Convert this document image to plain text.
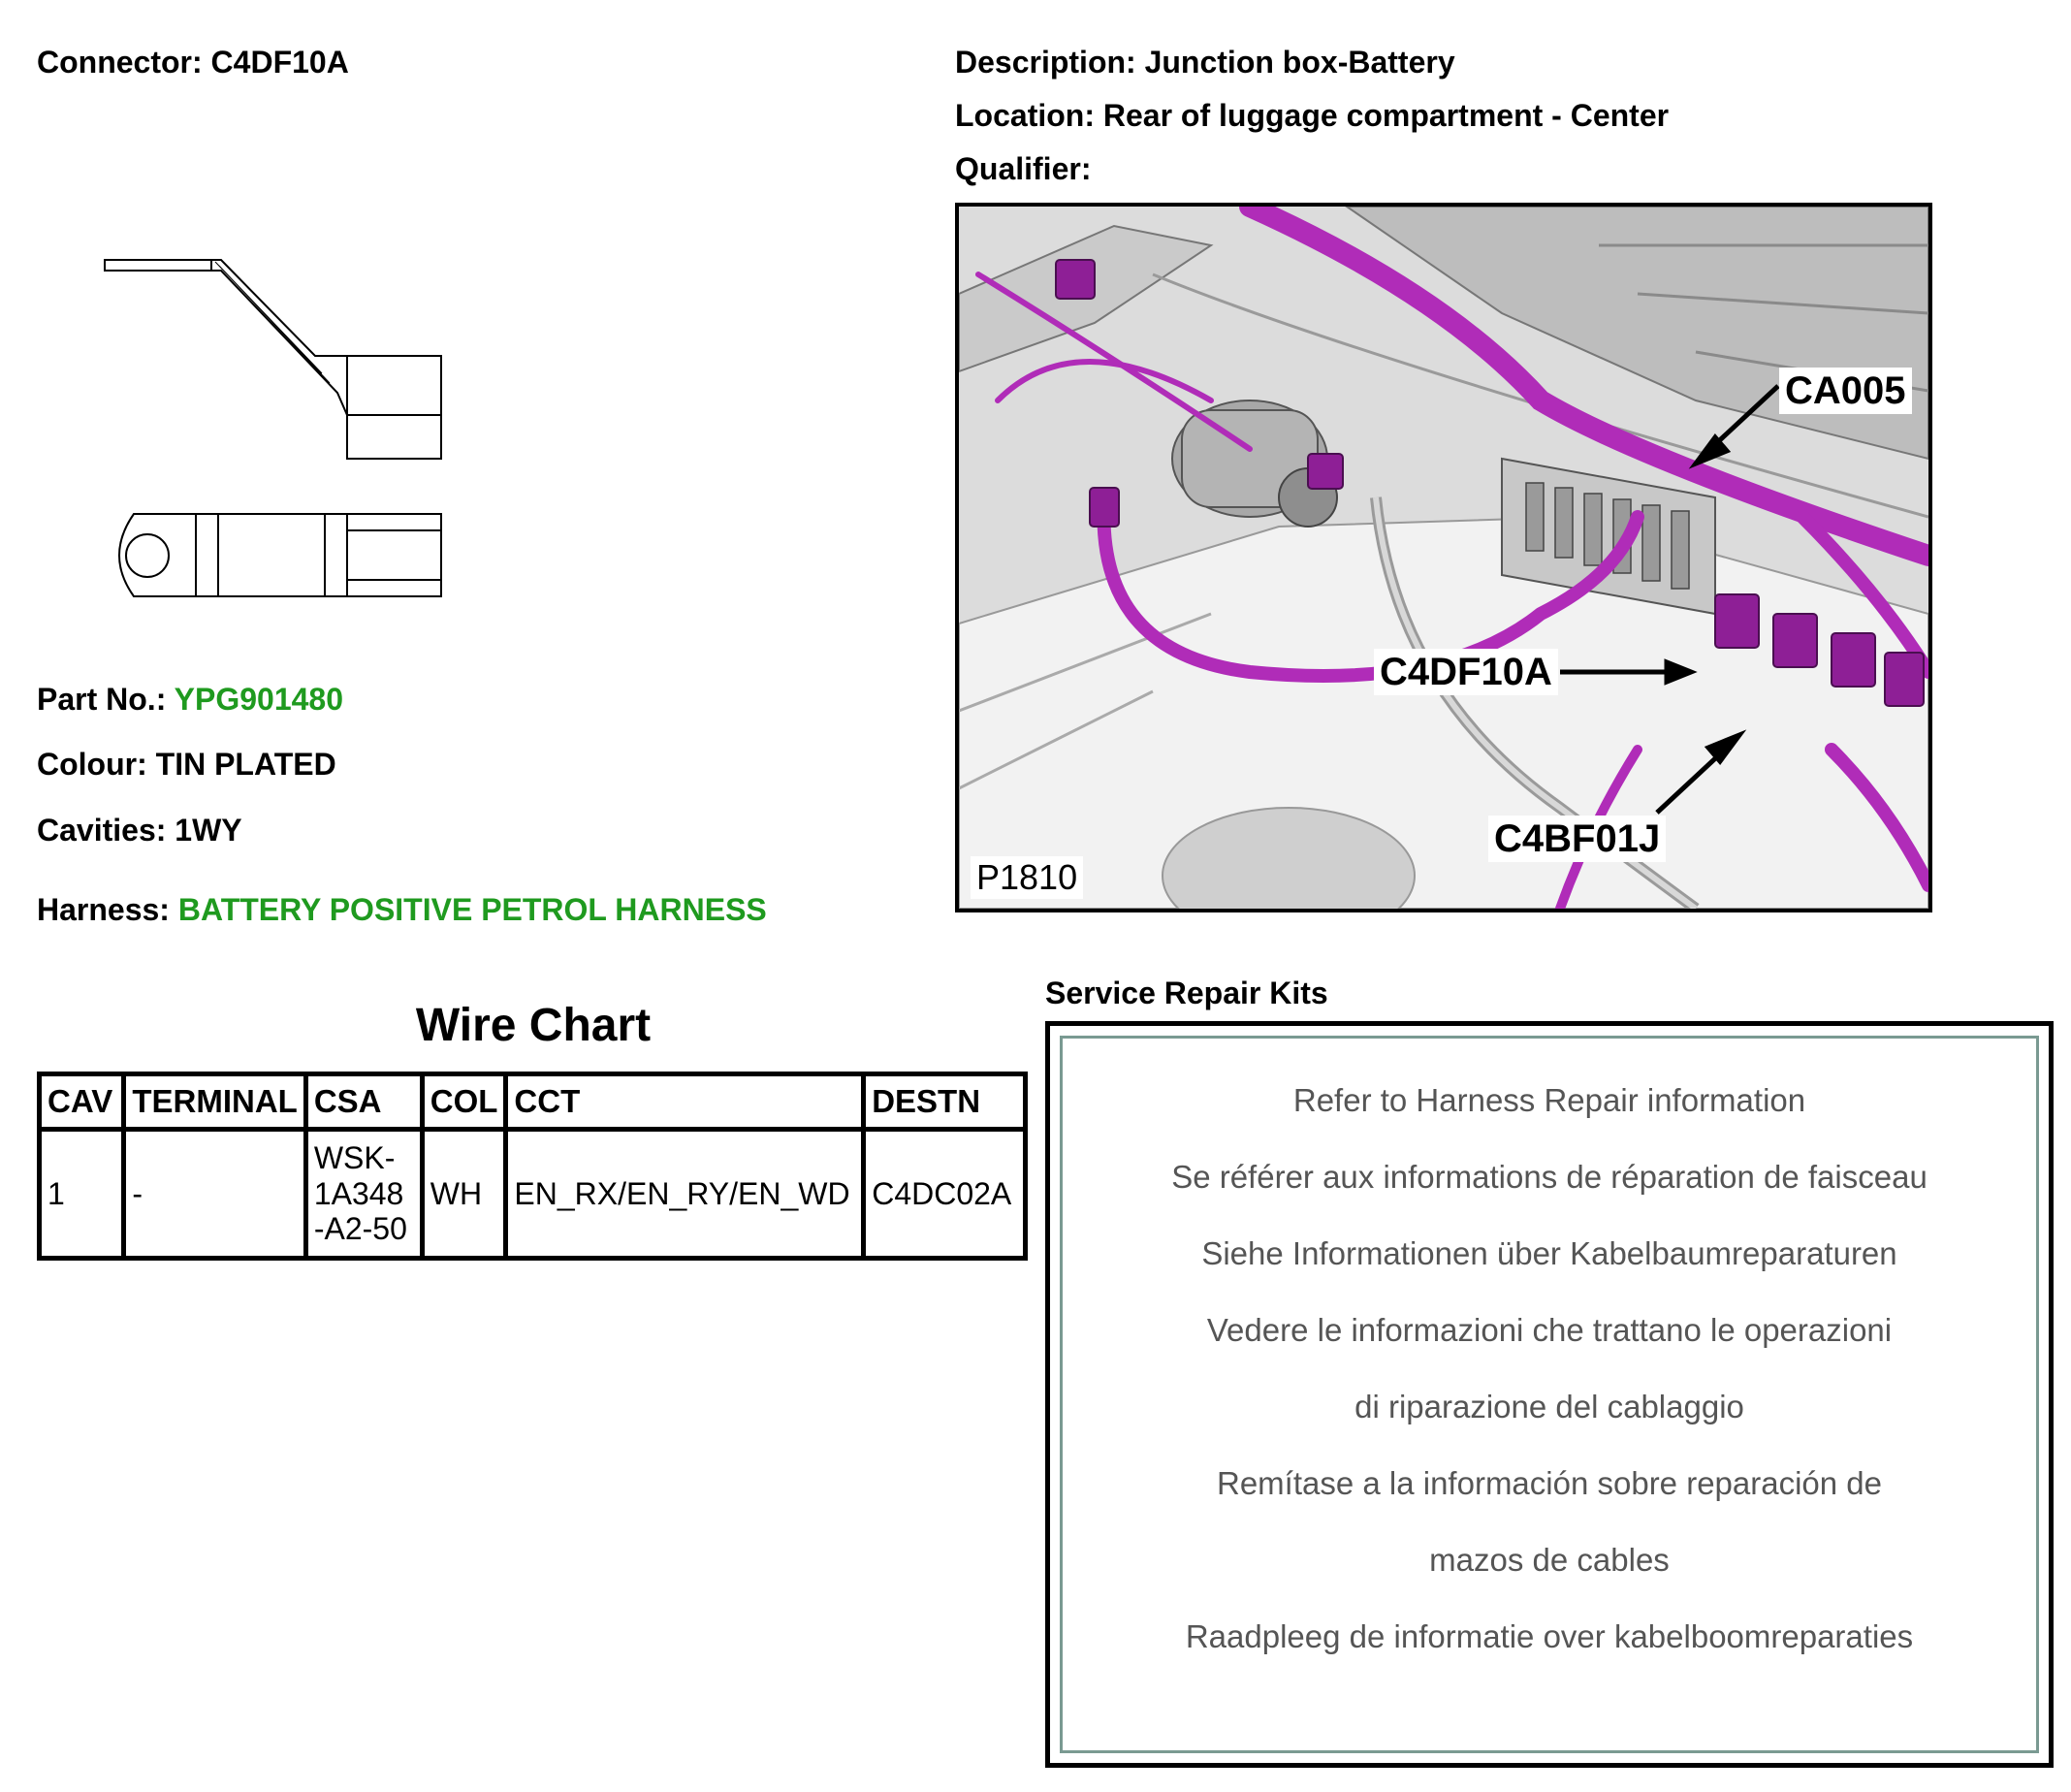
Connector: C4DF10A	Description: Junction box-Battery
Location: Rear of luggage compartment - Center
Qualifier:
Part No.: YPG901480
Colour: TIN PLATED
Cavities: 1WY
Harness: BATTERY POSITIVE PETROL HARNESS
CA005
C4DF10A
C4BF01J
P1810
Wire Chart
CAV	TERMINAL	CSA	COL	CCT	DESTN
1	-	WSK-1A348-A2-50	WH	EN_RX/EN_RY/EN_WD	C4DC02A
Service Repair Kits
Refer to Harness Repair information
Se référer aux informations de réparation de faisceau
Siehe Informationen über Kabelbaumreparaturen
Vedere le informazioni che trattano le operazioni
di riparazione del cablaggio
Remítase a la información sobre reparación de
mazos de cables
Raadpleeg de informatie over kabelboomreparaties
